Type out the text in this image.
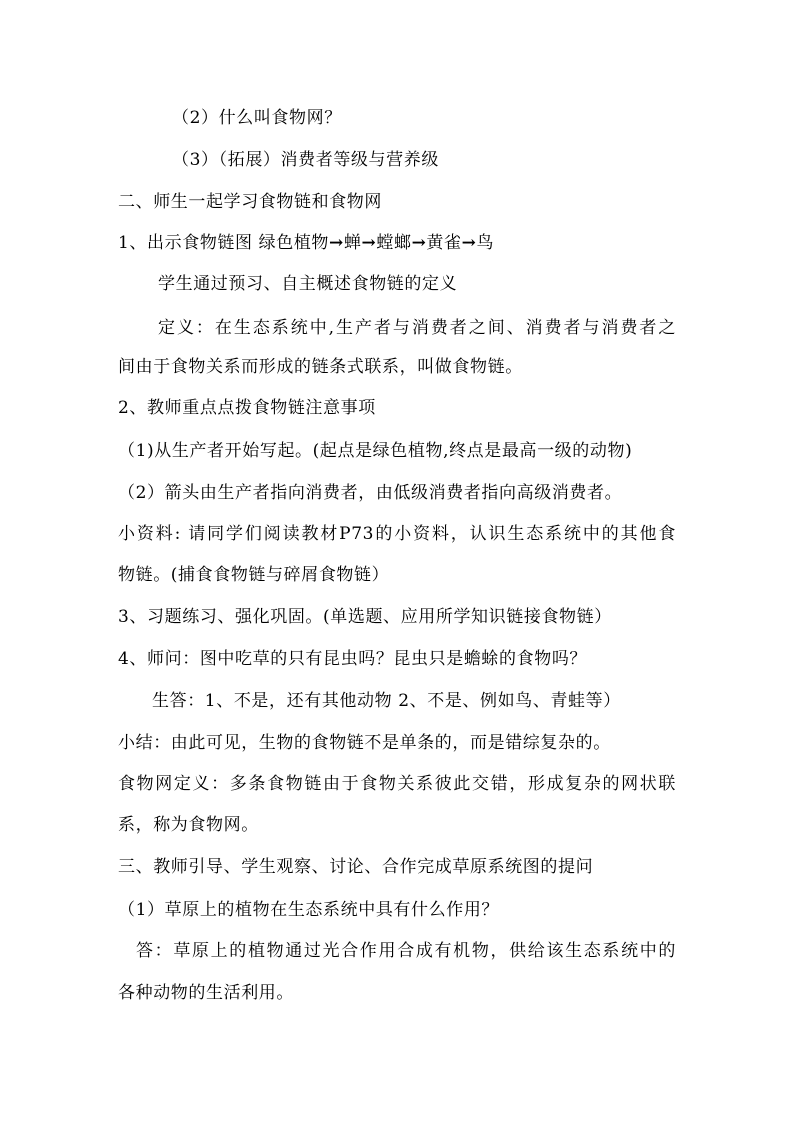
（2）什么叫食物网？
（3）（拓展）消费者等级与营养级
二、师生一起学习食物链和食物网
1、出示食物链图 绿色植物→蝉→螳螂→黄雀→鸟
学生通过预习、自主概述食物链的定义
定义：在生态系统中,生产者与消费者之间、消费者与消费者之
间由于食物关系而形成的链条式联系，叫做食物链。
2、教师重点点拨食物链注意事项
（1)从生产者开始写起。(起点是绿色植物,终点是最高一级的动物)
（2）箭头由生产者指向消费者，由低级消费者指向高级消费者。
小资料: 请同学们阅读教材P73的小资料，认识生态系统中的其他食
物链。(捕食食物链与碎屑食物链）
3、习题练习、强化巩固。(单选题、应用所学知识链接食物链）
4、师问：图中吃草的只有昆虫吗？昆虫只是蟾蜍的食物吗？
生答：1、不是，还有其他动物 2、不是、例如鸟、青蛙等）
小结：由此可见，生物的食物链不是单条的，而是错综复杂的。
食物网定义：多条食物链由于食物关系彼此交错，形成复杂的网状联
系，称为食物网。
三、教师引导、学生观察、讨论、合作完成草原系统图的提问
（1）草原上的植物在生态系统中具有什么作用？
答：草原上的植物通过光合作用合成有机物，供给该生态系统中的
各种动物的生活利用。
